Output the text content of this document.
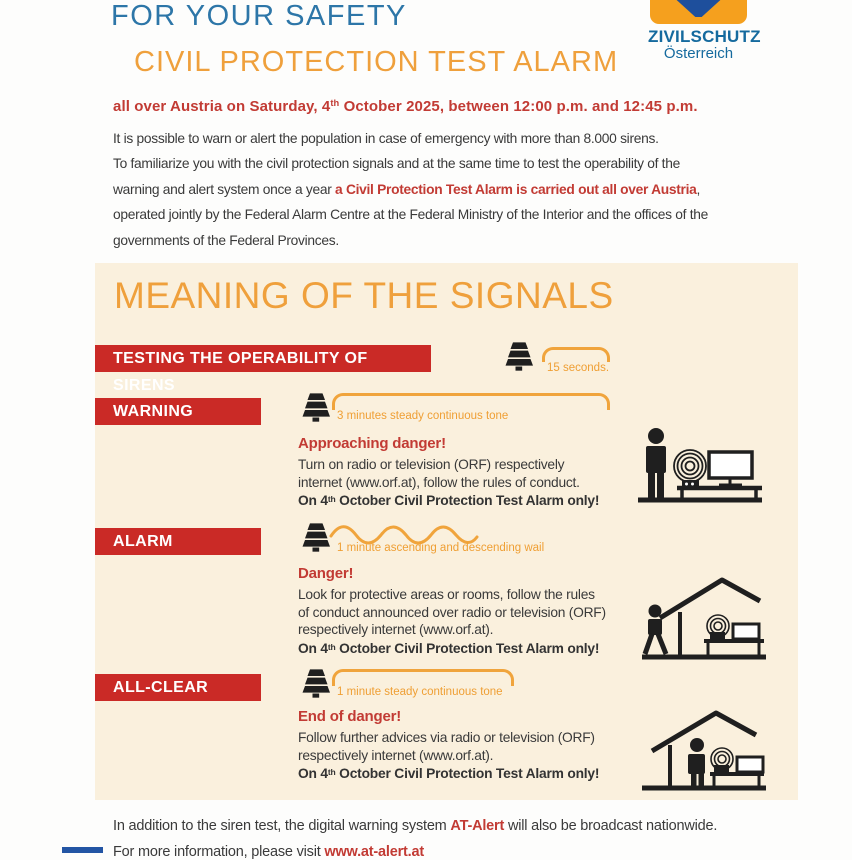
FOR YOUR SAFETY
CIVIL PROTECTION TEST ALARM
ZIVILSCHUTZ
Österreich
all over Austria on Saturday, 4th October 2025, between 12:00 p.m. and 12:45 p.m.
It is possible to warn or alert the population in case of emergency with more than 8.000 sirens.
To familiarize you with the civil protection signals and at the same time to test the operability of the
warning and alert system once a year a Civil Protection Test Alarm is carried out all over Austria,
operated jointly by the Federal Alarm Centre at the Federal Ministry of the Interior and the offices of the
governments of the Federal Provinces.
MEANING OF THE SIGNALS
TESTING THE OPERABILITY OF SIRENS
15 seconds.
WARNING	3 minutes steady continuous tone
Approaching danger!
Turn on radio or television (ORF) respectively
internet (www.orf.at), follow the rules of conduct.
On 4th October Civil Protection Test Alarm only!
ALARM	1 minute ascending and descending wail
Danger!
Look for protective areas or rooms, follow the rules
of conduct announced over radio or television (ORF)
respectively internet (www.orf.at).
On 4th October Civil Protection Test Alarm only!
ALL-CLEAR	1 minute steady continuous tone
End of danger!
Follow further advices via radio or television (ORF)
respectively internet (www.orf.at).
On 4th October Civil Protection Test Alarm only!
In addition to the siren test, the digital warning system AT-Alert will also be broadcast nationwide.
For more information, please visit www.at-alert.at
